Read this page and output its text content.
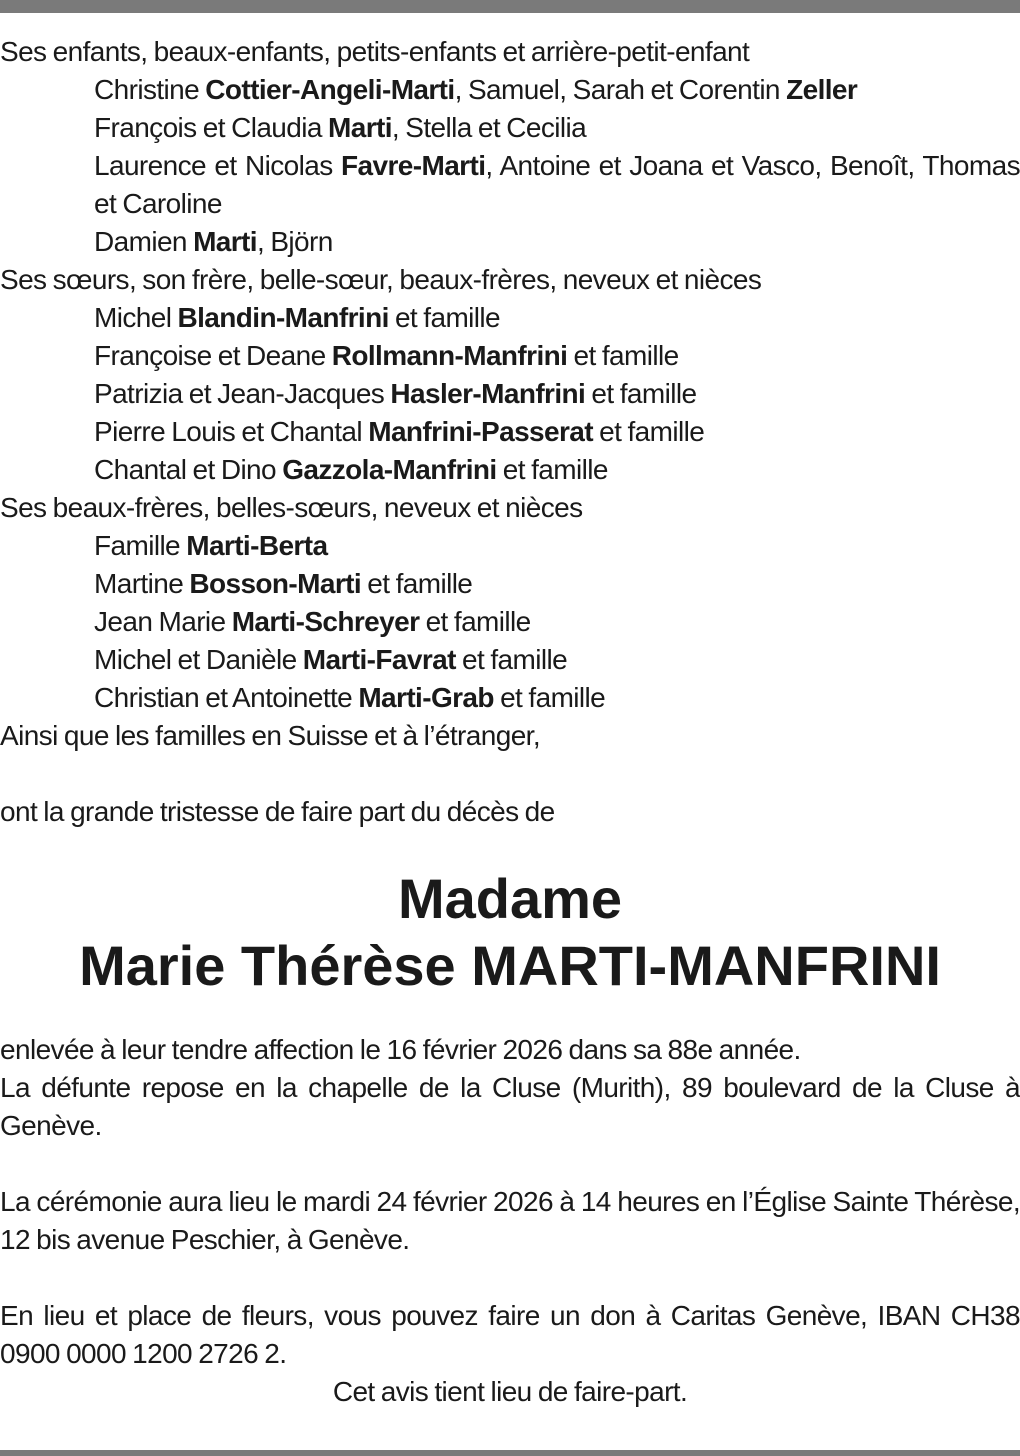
Ses enfants, beaux-enfants, petits-enfants et arrière-petit-enfant
Christine Cottier-Angeli-Marti, Samuel, Sarah et Corentin Zeller
François et Claudia Marti, Stella et Cecilia
Laurence et Nicolas Favre-Marti, Antoine et Joana et Vasco, Benoît, Thomas et Caroline
Damien Marti, Björn
Ses sœurs, son frère, belle-sœur, beaux-frères, neveux et nièces
Michel Blandin-Manfrini et famille
Françoise et Deane Rollmann-Manfrini et famille
Patrizia et Jean-Jacques Hasler-Manfrini et famille
Pierre Louis et Chantal Manfrini-Passerat et famille
Chantal et Dino Gazzola-Manfrini et famille
Ses beaux-frères, belles-sœurs, neveux et nièces
Famille Marti-Berta
Martine Bosson-Marti et famille
Jean Marie Marti-Schreyer et famille
Michel et Danièle Marti-Favrat et famille
Christian et Antoinette Marti-Grab et famille
Ainsi que les familles en Suisse et à l’étranger,
ont la grande tristesse de faire part du décès de
Madame
Marie Thérèse MARTI-MANFRINI
enlevée à leur tendre affection le 16 février 2026 dans sa 88e année.
La défunte repose en la chapelle de la Cluse (Murith), 89 boulevard de la Cluse à Genève.
La cérémonie aura lieu le mardi 24 février 2026 à 14 heures en l’Église Sainte Thérèse, 12 bis avenue Peschier, à Genève.
En lieu et place de fleurs, vous pouvez faire un don à Caritas Genève, IBAN CH38 0900 0000 1200 2726 2.
Cet avis tient lieu de faire-part.
